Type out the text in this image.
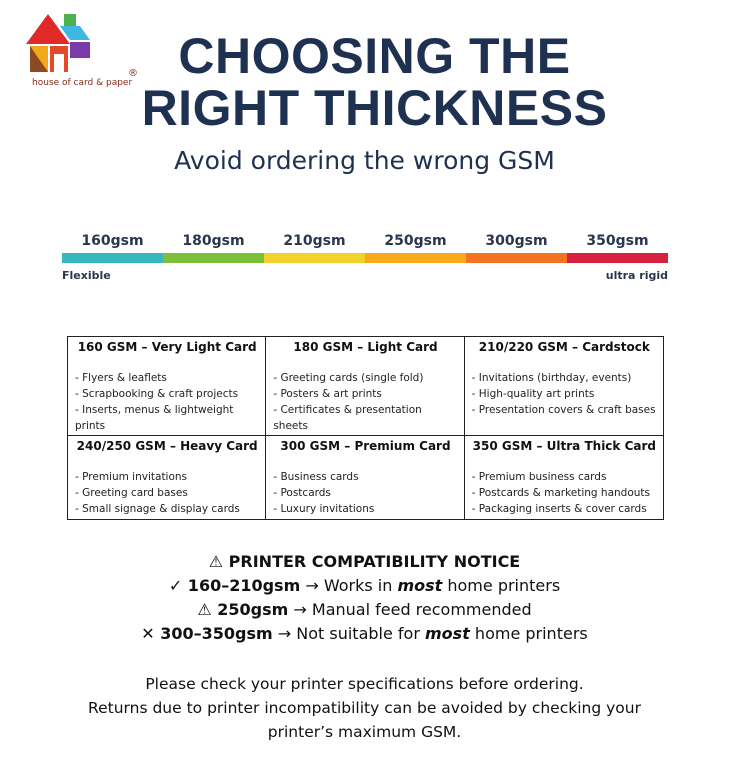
house of card & paper
® CHOOSING THE
RIGHT THICKNESS
Avoid ordering the wrong GSM
160gsm	180gsm	210gsm	250gsm	300gsm	350gsm
Flexible	ultra rigid
160 GSM – Very Light Card
- Flyers & leaflets
- Scrapbooking & craft projects
- Inserts, menus & lightweight prints
180 GSM – Light Card
- Greeting cards (single fold)
- Posters & art prints
- Certificates & presentation sheets
210/220 GSM – Cardstock
- Invitations (birthday, events)
- High-quality art prints
- Presentation covers & craft bases
240/250 GSM – Heavy Card
- Premium invitations
- Greeting card bases
- Small signage & display cards
300 GSM – Premium Card
- Business cards
- Postcards
- Luxury invitations
350 GSM – Ultra Thick Card
- Premium business cards
- Postcards & marketing handouts
- Packaging inserts & cover cards
⚠ PRINTER COMPATIBILITY NOTICE
✓ 160–210gsm → Works in most home printers
⚠ 250gsm → Manual feed recommended
✕ 300–350gsm → Not suitable for most home printers
Please check your printer specifications before ordering.
Returns due to printer incompatibility can be avoided by checking your
printer’s maximum GSM.
